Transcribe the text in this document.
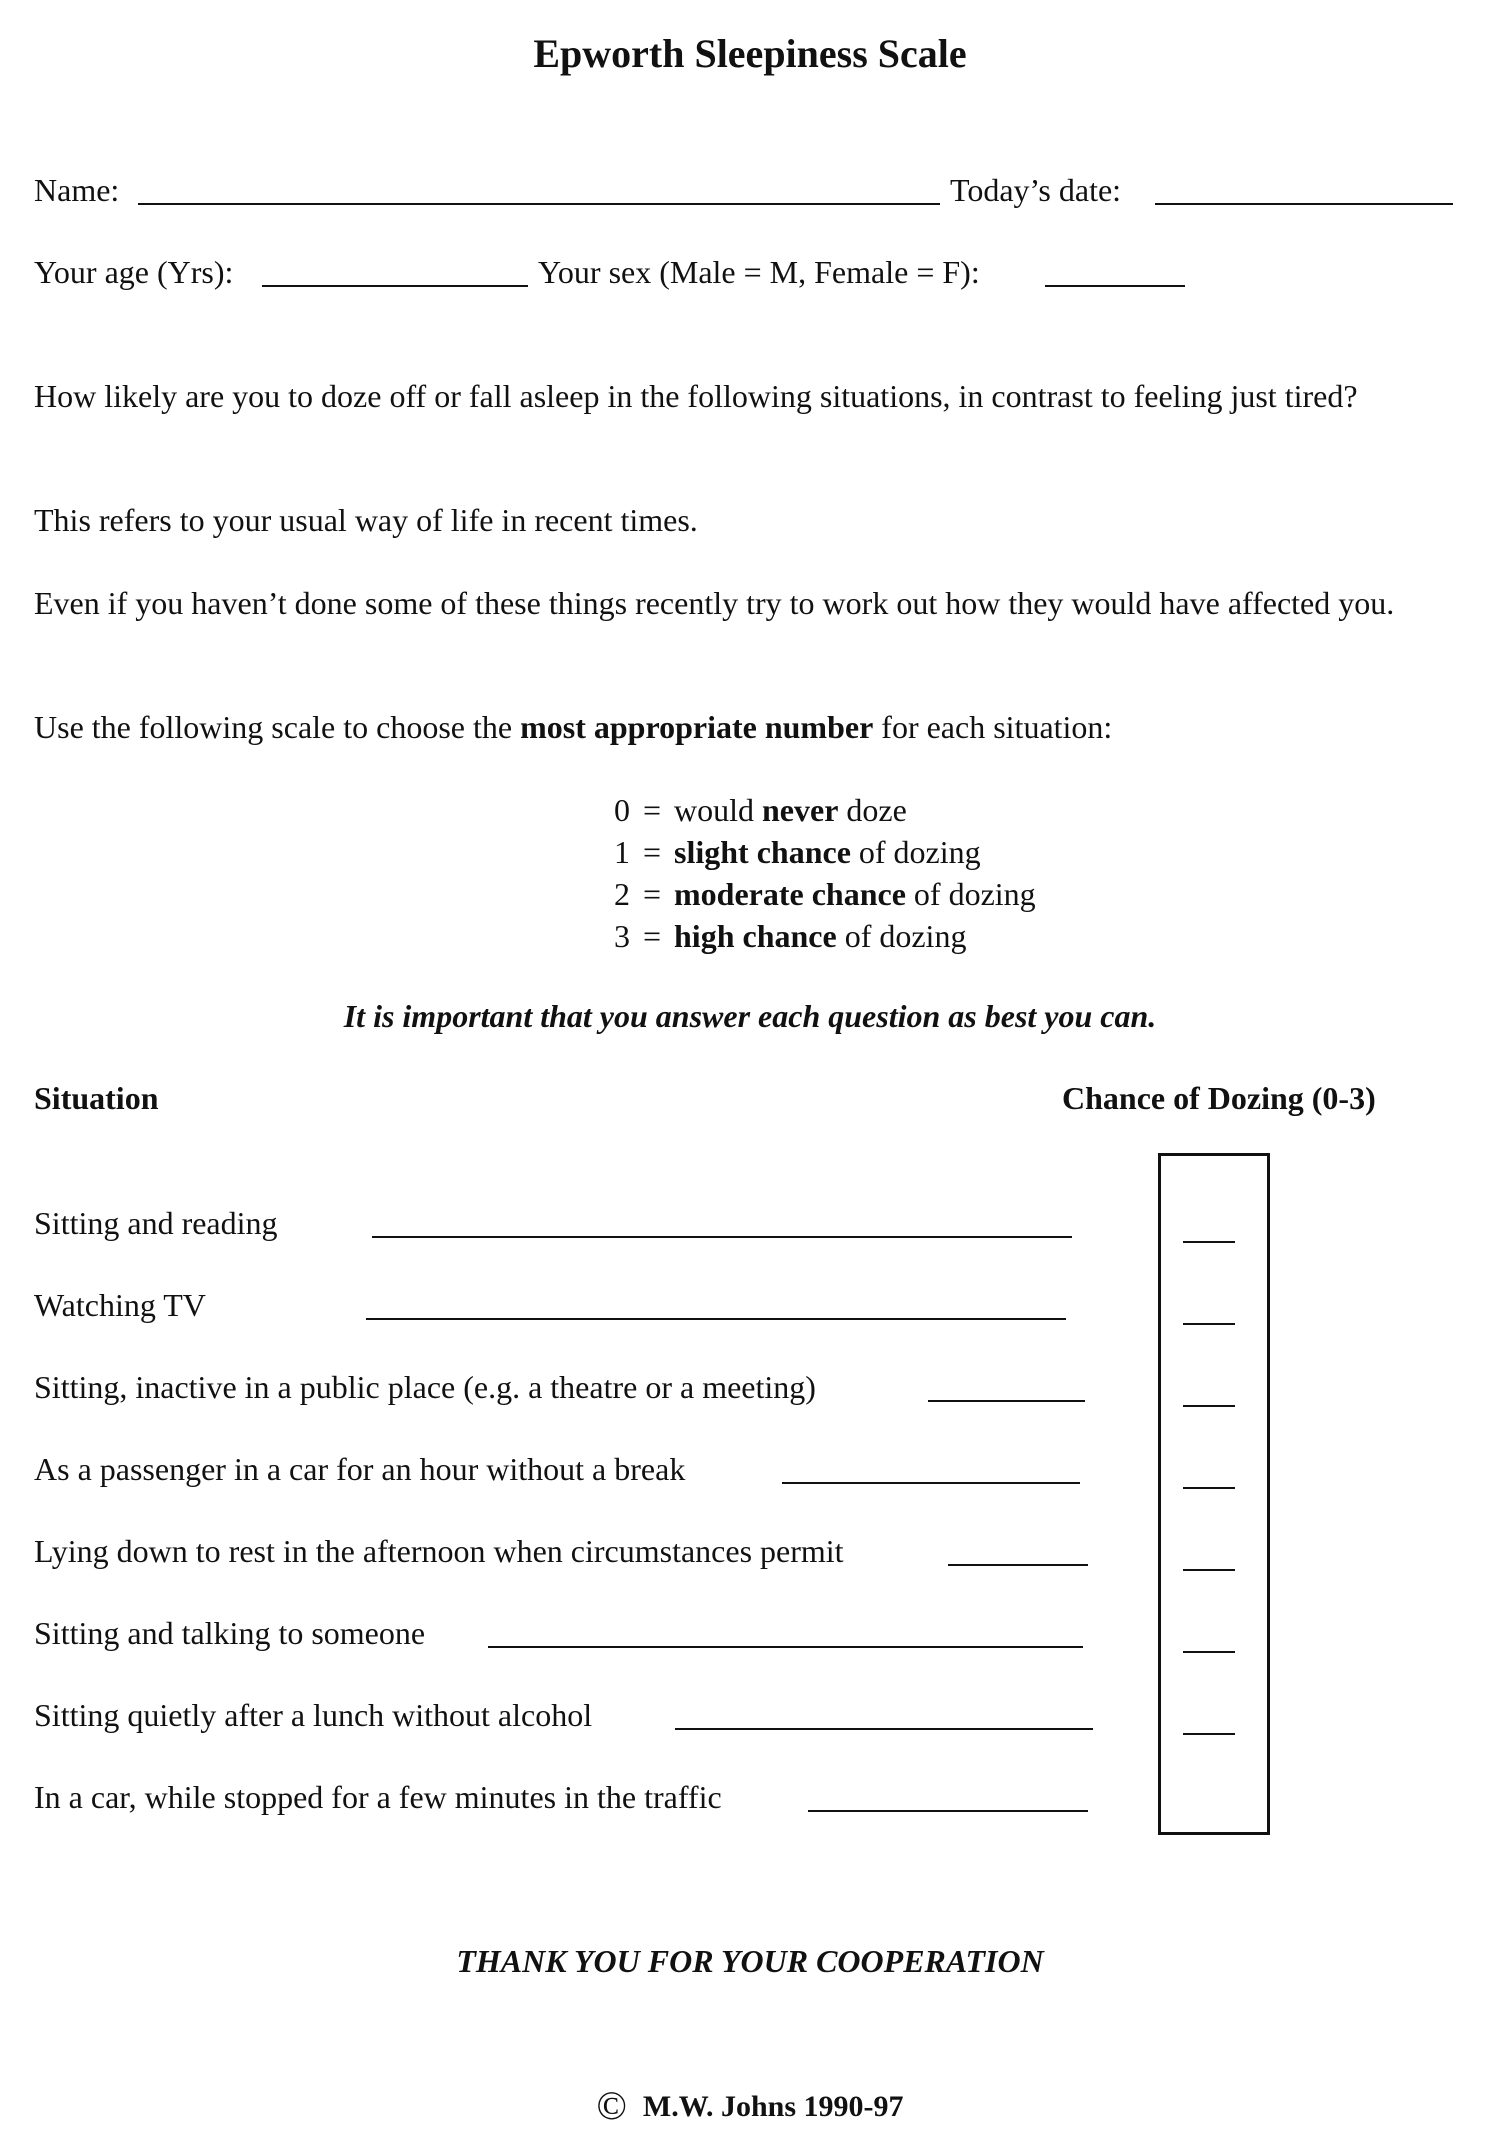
Epworth Sleepiness Scale
Name:	Today’s date:
Your age (Yrs):	Your sex (Male = M, Female = F):
How likely are you to doze off or fall asleep in the following situations, in contrast to feeling just tired?
This refers to your usual way of life in recent times.
Even if you haven’t done some of these things recently try to work out how they would have affected you.
Use the following scale to choose the most appropriate number for each situation:
0 = would never doze
1 = slight chance of dozing
2 = moderate chance of dozing
3 = high chance of dozing
It is important that you answer each question as best you can.
Situation	Chance of Dozing (0-3)
Sitting and reading
Watching TV
Sitting, inactive in a public place (e.g. a theatre or a meeting)
As a passenger in a car for an hour without a break
Lying down to rest in the afternoon when circumstances permit
Sitting and talking to someone
Sitting quietly after a lunch without alcohol
In a car, while stopped for a few minutes in the traffic
THANK YOU FOR YOUR COOPERATION
© M.W. Johns 1990-97
